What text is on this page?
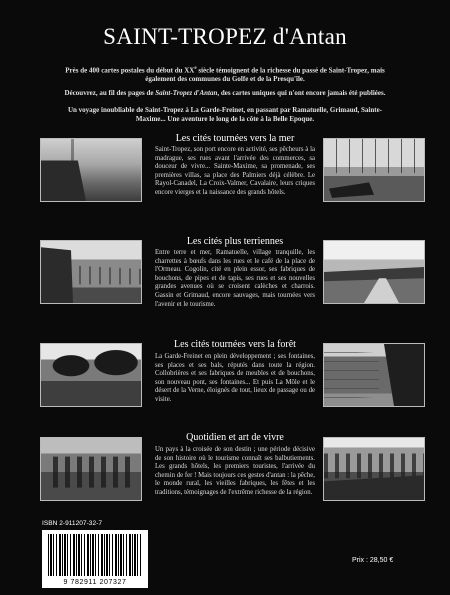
SAINT-TROPEZ d'Antan

Près de 400 cartes postales du début du XXe siècle témoignent de la richesse du passé de Saint-Tropez, mais également des communes du Golfe et de la Presqu'île.

Découvrez, au fil des pages de Saint-Tropez d'Antan, des cartes uniques qui n'ont encore jamais été publiées.

Un voyage inoubliable de Saint-Tropez à La Garde-Freinet, en passant par Ramatuelle, Grimaud, Sainte-Maxime... Une aventure le long de la côte à la Belle Epoque.

Les cités tournées vers la mer
Saint-Tropez, son port encore en activité, ses pêcheurs à la madrague, ses rues avant l'arrivée des commerces, sa douceur de vivre... Sainte-Maxime, sa promenade, ses premières villas, sa place des Palmiers déjà célèbre. Le Rayol-Canadel, La Croix-Valmer, Cavalaire, leurs criques encore vierges et la naissance des grands hôtels.
Les cités plus terriennes
Entre terre et mer, Ramatuelle, village tranquille, les charrettes à bœufs dans les rues et le café de la place de l'Ormeau. Cogolin, cité en plein essor, ses fabriques de bouchons, de pipes et de tapis, ses rues et ses nouvelles grandes avenues où se croisent calèches et charrois. Gassin et Grimaud, encore sauvages, mais tournées vers l'avenir et le tourisme.
Les cités tournées vers la forêt
La Garde-Freinet en plein développement ; ses fontaines, ses places et ses bals, réputés dans toute la région. Collobrières et ses fabriques de meubles et de bouchons, son nouveau pont, ses fontaines... Et puis La Môle et le désert de la Verne, éloignés de tout, lieux de passage ou de visite.
Quotidien et art de vivre
Un pays à la croisée de son destin ; une période décisive de son histoire où le tourisme connaît ses balbutiements. Les grands hôtels, les premiers touristes, l'arrivée du chemin de fer ! Mais toujours ces gestes d'antan : la pêche, le monde rural, les vieilles fabriques, les fêtes et les traditions, témoignages de l'extrême richesse de la région.
ISBN 2-911207-32-7
9 782911 207327
Prix : 28,50 €
